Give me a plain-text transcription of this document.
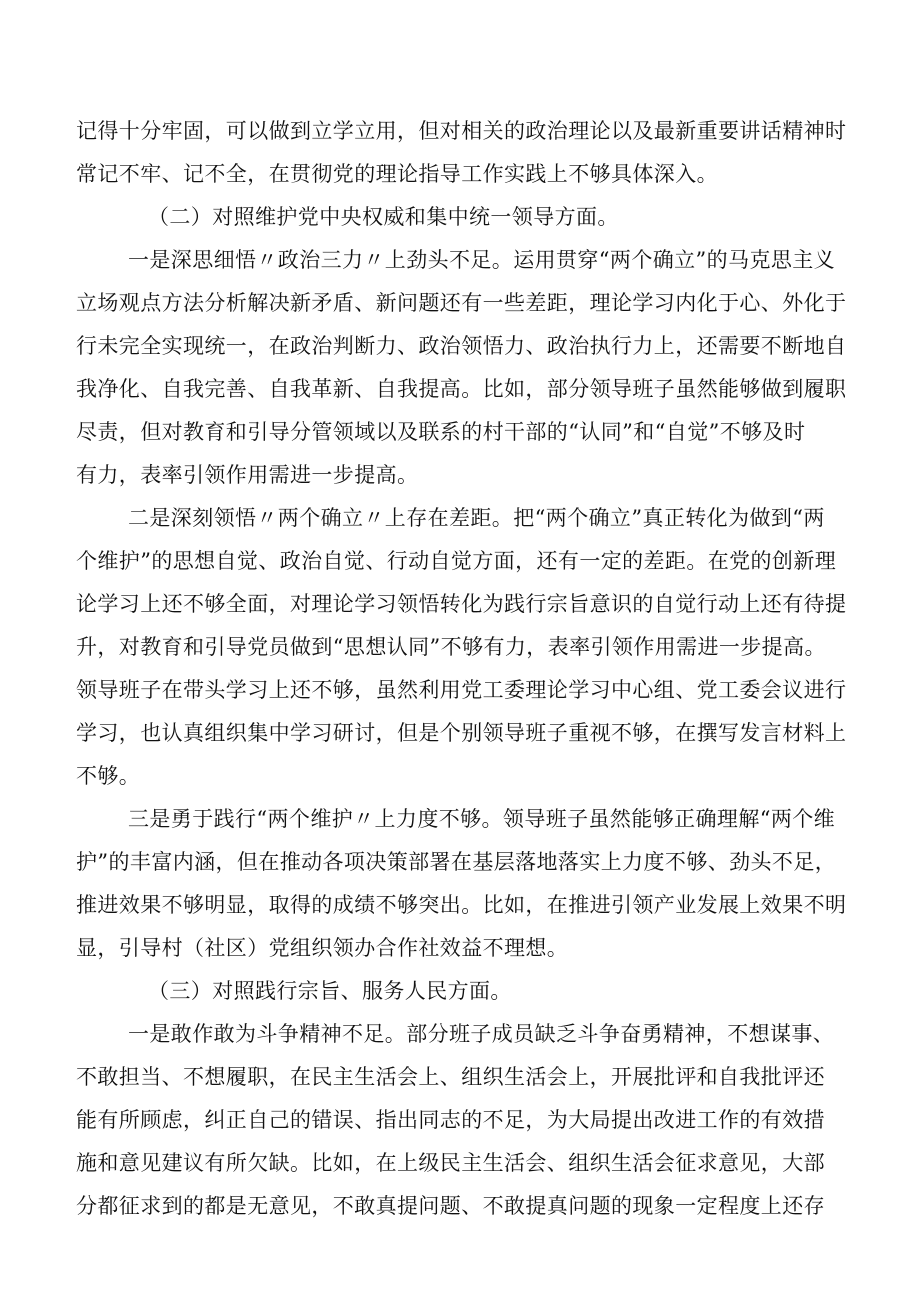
记得十分牢固，可以做到立学立用，但对相关的政治理论以及最新重要讲话精神时
常记不牢、记不全，在贯彻党的理论指导工作实践上不够具体深入。
（二）对照维护党中央权威和集中统一领导方面。
一是深思细悟〃政治三力〃上劲头不足。运用贯穿“两个确立”的马克思主义
立场观点方法分析解决新矛盾、新问题还有一些差距，理论学习内化于心、外化于
行未完全实现统一，在政治判断力、政治领悟力、政治执行力上，还需要不断地自
我净化、自我完善、自我革新、自我提高。比如，部分领导班子虽然能够做到履职
尽责，但对教育和引导分管领域以及联系的村干部的“认同”和“自觉”不够及时
有力，表率引领作用需进一步提高。
二是深刻领悟〃两个确立〃上存在差距。把“两个确立”真正转化为做到“两
个维护”的思想自觉、政治自觉、行动自觉方面，还有一定的差距。在党的创新理
论学习上还不够全面，对理论学习领悟转化为践行宗旨意识的自觉行动上还有待提
升，对教育和引导党员做到“思想认同”不够有力，表率引领作用需进一步提高。
领导班子在带头学习上还不够，虽然利用党工委理论学习中心组、党工委会议进行
学习，也认真组织集中学习研讨，但是个别领导班子重视不够，在撰写发言材料上
不够。
三是勇于践行“两个维护〃上力度不够。领导班子虽然能够正确理解“两个维
护”的丰富内涵，但在推动各项决策部署在基层落地落实上力度不够、劲头不足，
推进效果不够明显，取得的成绩不够突出。比如，在推进引领产业发展上效果不明
显，引导村（社区）党组织领办合作社效益不理想。
（三）对照践行宗旨、服务人民方面。
一是敢作敢为斗争精神不足。部分班子成员缺乏斗争奋勇精神，不想谋事、
不敢担当、不想履职，在民主生活会上、组织生活会上，开展批评和自我批评还
能有所顾虑，纠正自己的错误、指出同志的不足，为大局提出改进工作的有效措
施和意见建议有所欠缺。比如，在上级民主生活会、组织生活会征求意见，大部
分都征求到的都是无意见，不敢真提问题、不敢提真问题的现象一定程度上还存
